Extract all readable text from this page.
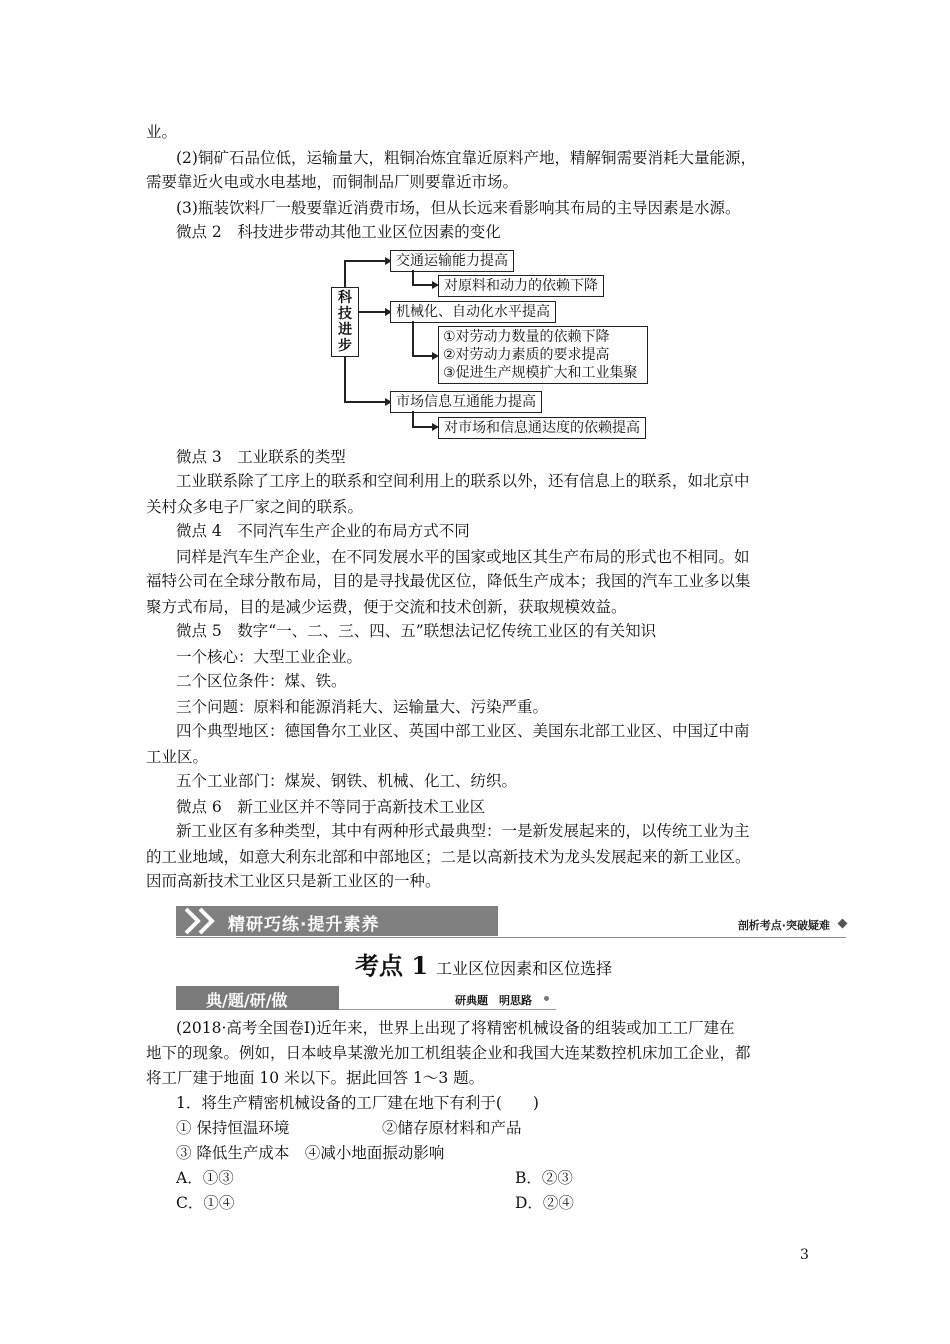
业。
(2)铜矿石品位低，运输量大，粗铜冶炼宜靠近原料产地，精解铜需要消耗大量能源，
需要靠近火电或水电基地，而铜制品厂则要靠近市场。
(3)瓶装饮料厂一般要靠近消费市场，但从长远来看影响其布局的主导因素是水源。
微点 2　科技进步带动其他工业区位因素的变化
科技进步
交通运输能力提高
对原料和动力的依赖下降
机械化、自动化水平提高
①对劳动力数量的依赖下降
②对劳动力素质的要求提高
③促进生产规模扩大和工业集聚
市场信息互通能力提高
对市场和信息通达度的依赖提高
微点 3　工业联系的类型
工业联系除了工序上的联系和空间利用上的联系以外，还有信息上的联系，如北京中
关村众多电子厂家之间的联系。
微点 4　不同汽车生产企业的布局方式不同
同样是汽车生产企业，在不同发展水平的国家或地区其生产布局的形式也不相同。如
福特公司在全球分散布局，目的是寻找最优区位，降低生产成本；我国的汽车工业多以集
聚方式布局，目的是减少运费，便于交流和技术创新，获取规模效益。
微点 5　数字“一、二、三、四、五”联想法记忆传统工业区的有关知识
一个核心：大型工业企业。
二个区位条件：煤、铁。
三个问题：原料和能源消耗大、运输量大、污染严重。
四个典型地区：德国鲁尔工业区、英国中部工业区、美国东北部工业区、中国辽中南
工业区。
五个工业部门：煤炭、钢铁、机械、化工、纺织。
微点 6　新工业区并不等同于高新技术工业区
新工业区有多种类型，其中有两种形式最典型：一是新发展起来的，以传统工业为主
的工业地域，如意大利东北部和中部地区；二是以高新技术为龙头发展起来的新工业区。
因而高新技术工业区只是新工业区的一种。
精研巧练·提升素养	剖析考点·突破疑难
考点 1 工业区位因素和区位选择
典/题/研/做	研典题　明思路
(2018·高考全国卷Ⅰ)近年来，世界上出现了将精密机械设备的组装或加工工厂建在
地下的现象。例如，日本岐阜某激光加工机组装企业和我国大连某数控机床加工企业，都
将工厂建于地面 10 米以下。据此回答 1～3 题。
1．将生产精密机械设备的工厂建在地下有利于(　　)
① 保持恒温环境	②储存原材料和产品
③ 降低生产成本　④减小地面振动影响
A．①③	B．②③
C．①④	D．②④
3
